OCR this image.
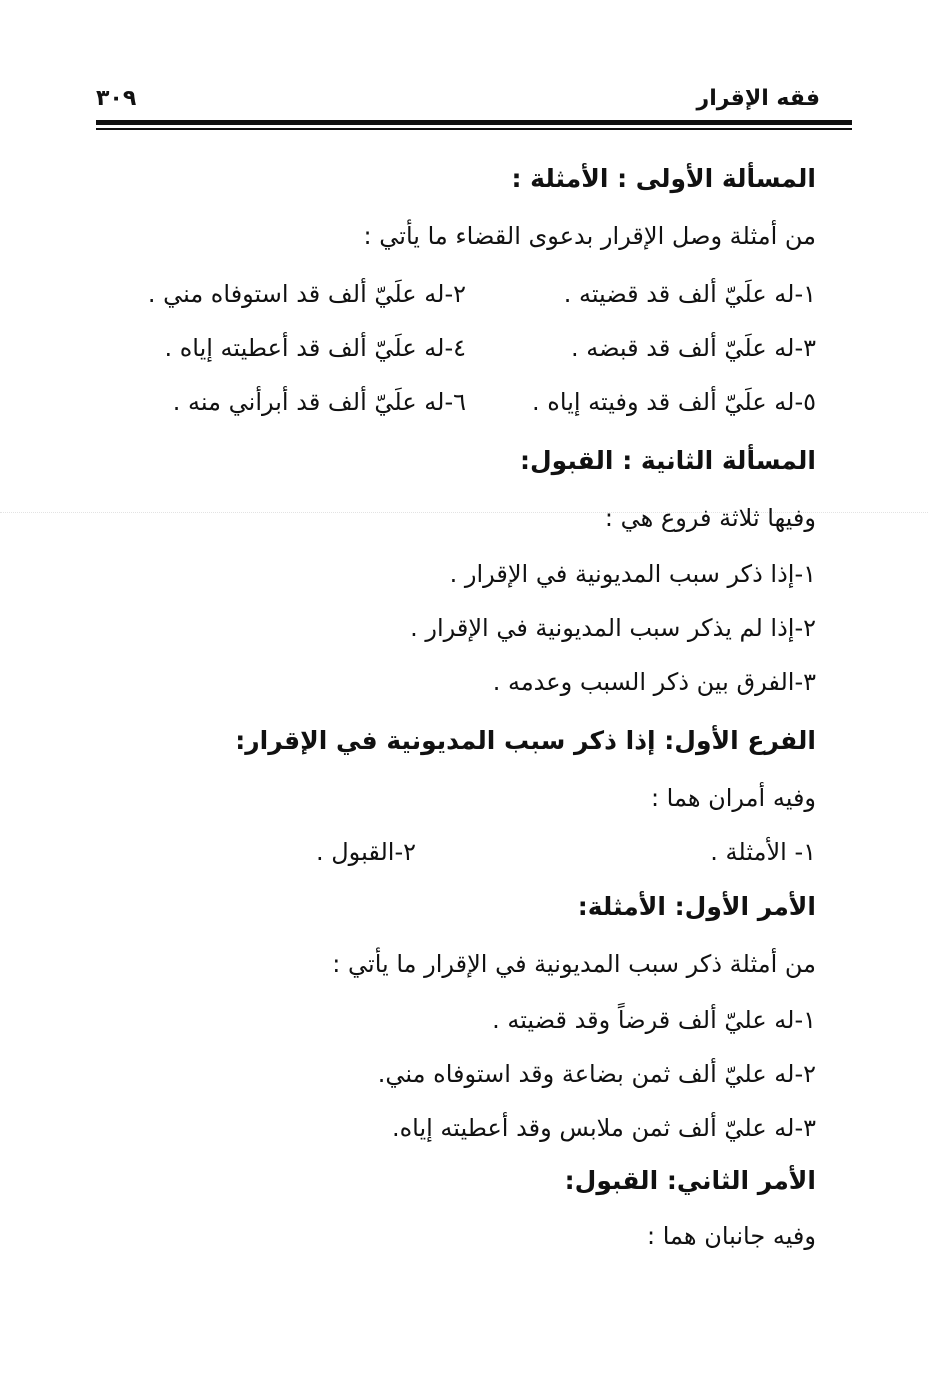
فقه الإقرار
٣٠٩
المسألة الأولى : الأمثلة :
من أمثلة وصل الإقرار بدعوى القضاء ما يأتي :
١-له علَيّ ألف قد قضيته .
٢-له علَيّ ألف قد استوفاه مني .
٣-له علَيّ ألف قد قبضه .
٤-له علَيّ ألف قد أعطيته إياه .
٥-له علَيّ ألف قد وفيته إياه .
٦-له علَيّ ألف قد أبرأني منه .
المسألة الثانية : القبول:
وفيها ثلاثة فروع هي :
١-إذا ذكر سبب المديونية في الإقرار .
٢-إذا لم يذكر سبب المديونية في الإقرار .
٣-الفرق بين ذكر السبب وعدمه .
الفرع الأول: إذا ذكر سبب المديونية في الإقرار:
وفيه أمران هما :
١- الأمثلة .
٢-القبول .
الأمر الأول: الأمثلة:
من أمثلة ذكر سبب المديونية في الإقرار ما يأتي :
١-له عليّ ألف قرضاً وقد قضيته .
٢-له عليّ ألف ثمن بضاعة وقد استوفاه مني.
٣-له عليّ ألف ثمن ملابس وقد أعطيته إياه.
الأمر الثاني: القبول:
وفيه جانبان هما :
